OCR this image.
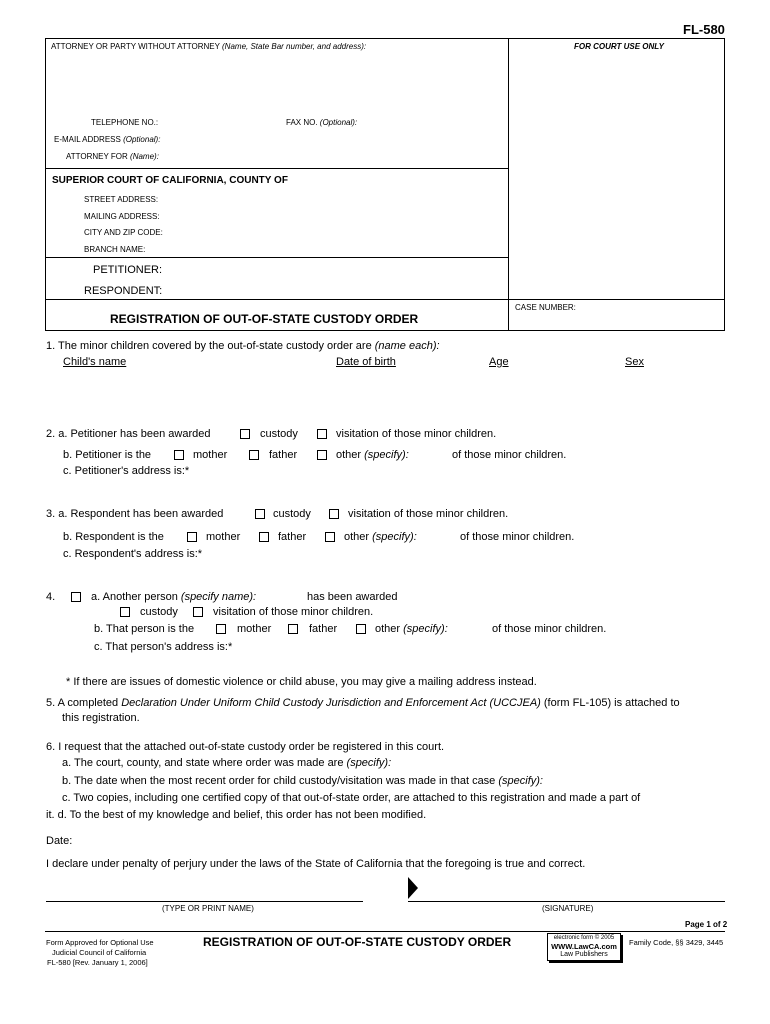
FL-580
ATTORNEY OR PARTY WITHOUT ATTORNEY (Name, State Bar number, and address):	FOR COURT USE ONLY
TELEPHONE NO.:	FAX NO. (Optional):
E-MAIL ADDRESS (Optional):
ATTORNEY FOR (Name):
SUPERIOR COURT OF CALIFORNIA, COUNTY OF
STREET ADDRESS:
MAILING ADDRESS:
CITY AND ZIP CODE:
BRANCH NAME:
PETITIONER:
RESPONDENT:
CASE NUMBER:
REGISTRATION OF OUT-OF-STATE CUSTODY ORDER
1. The minor children covered by the out-of-state custody order are (name each):
Child's name	Date of birth	Age	Sex
2. a. Petitioner has been awarded	custody	visitation of those minor children.
b. Petitioner is the	mother	father	other (specify):	of those minor children.
c. Petitioner's address is:*
3. a. Respondent has been awarded	custody	visitation of those minor children.
b. Respondent is the	mother	father	other (specify):	of those minor children.
c. Respondent's address is:*
4.	a. Another person (specify name):	has been awarded
custody	visitation of those minor children.
b. That person is the	mother	father	other (specify):	of those minor children.
c. That person's address is:*
* If there are issues of domestic violence or child abuse, you may give a mailing address instead.
5. A completed Declaration Under Uniform Child Custody Jurisdiction and Enforcement Act (UCCJEA) (form FL-105) is attached to
this registration.
6. I request that the attached out-of-state custody order be registered in this court.
a. The court, county, and state where order was made are (specify):
b. The date when the most recent order for child custody/visitation was made in that case (specify):
c. Two copies, including one certified copy of that out-of-state order, are attached to this registration and made a part of
it. d. To the best of my knowledge and belief, this order has not been modified.
Date:
I declare under penalty of perjury under the laws of the State of California that the foregoing is true and correct.
(TYPE OR PRINT NAME)	(SIGNATURE)
Page 1 of 2
Form Approved for Optional Use
Judicial Council of California
FL-580 [Rev. January 1, 2006]
REGISTRATION OF OUT-OF-STATE CUSTODY ORDER	electronic form © 2005
WWW.LawCA.com
Law Publishers
Family Code, §§ 3429, 3445
